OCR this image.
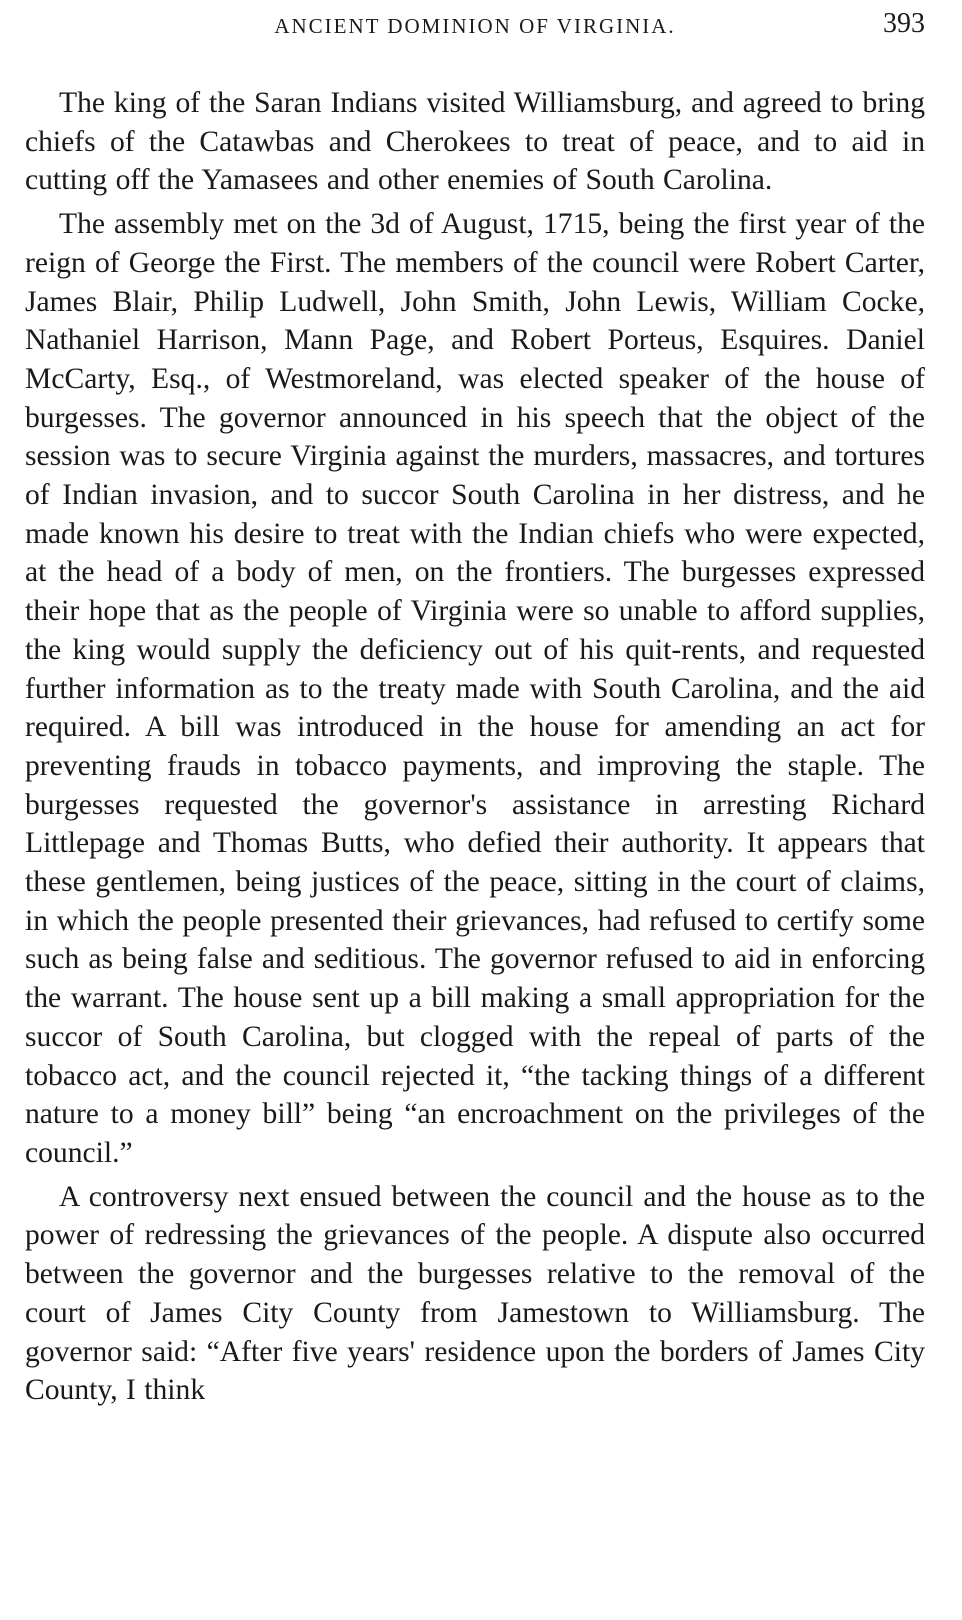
ANCIENT DOMINION OF VIRGINIA.	393

The king of the Saran Indians visited Williamsburg, and agreed to bring chiefs of the Catawbas and Cherokees to treat of peace, and to aid in cutting off the Yamasees and other enemies of South Carolina.

The assembly met on the 3d of August, 1715, being the first year of the reign of George the First. The members of the council were Robert Carter, James Blair, Philip Ludwell, John Smith, John Lewis, William Cocke, Nathaniel Harrison, Mann Page, and Robert Porteus, Esquires. Daniel McCarty, Esq., of Westmoreland, was elected speaker of the house of burgesses. The governor announced in his speech that the object of the session was to secure Virginia against the murders, massacres, and tortures of Indian invasion, and to succor South Carolina in her distress, and he made known his desire to treat with the Indian chiefs who were expected, at the head of a body of men, on the frontiers. The burgesses expressed their hope that as the people of Virginia were so unable to afford supplies, the king would supply the deficiency out of his quit-rents, and requested further information as to the treaty made with South Carolina, and the aid required. A bill was introduced in the house for amending an act for preventing frauds in tobacco payments, and improving the staple. The burgesses requested the governor's assistance in arresting Richard Littlepage and Thomas Butts, who defied their authority. It appears that these gentlemen, being justices of the peace, sitting in the court of claims, in which the people presented their grievances, had refused to certify some such as being false and seditious. The governor refused to aid in enforcing the warrant. The house sent up a bill making a small appropriation for the succor of South Carolina, but clogged with the repeal of parts of the tobacco act, and the council rejected it, “the tacking things of a different nature to a money bill” being “an encroachment on the privileges of the council.”

A controversy next ensued between the council and the house as to the power of redressing the grievances of the people. A dispute also occurred between the governor and the burgesses relative to the removal of the court of James City County from Jamestown to Williamsburg. The governor said: “After five years' residence upon the borders of James City County, I think
